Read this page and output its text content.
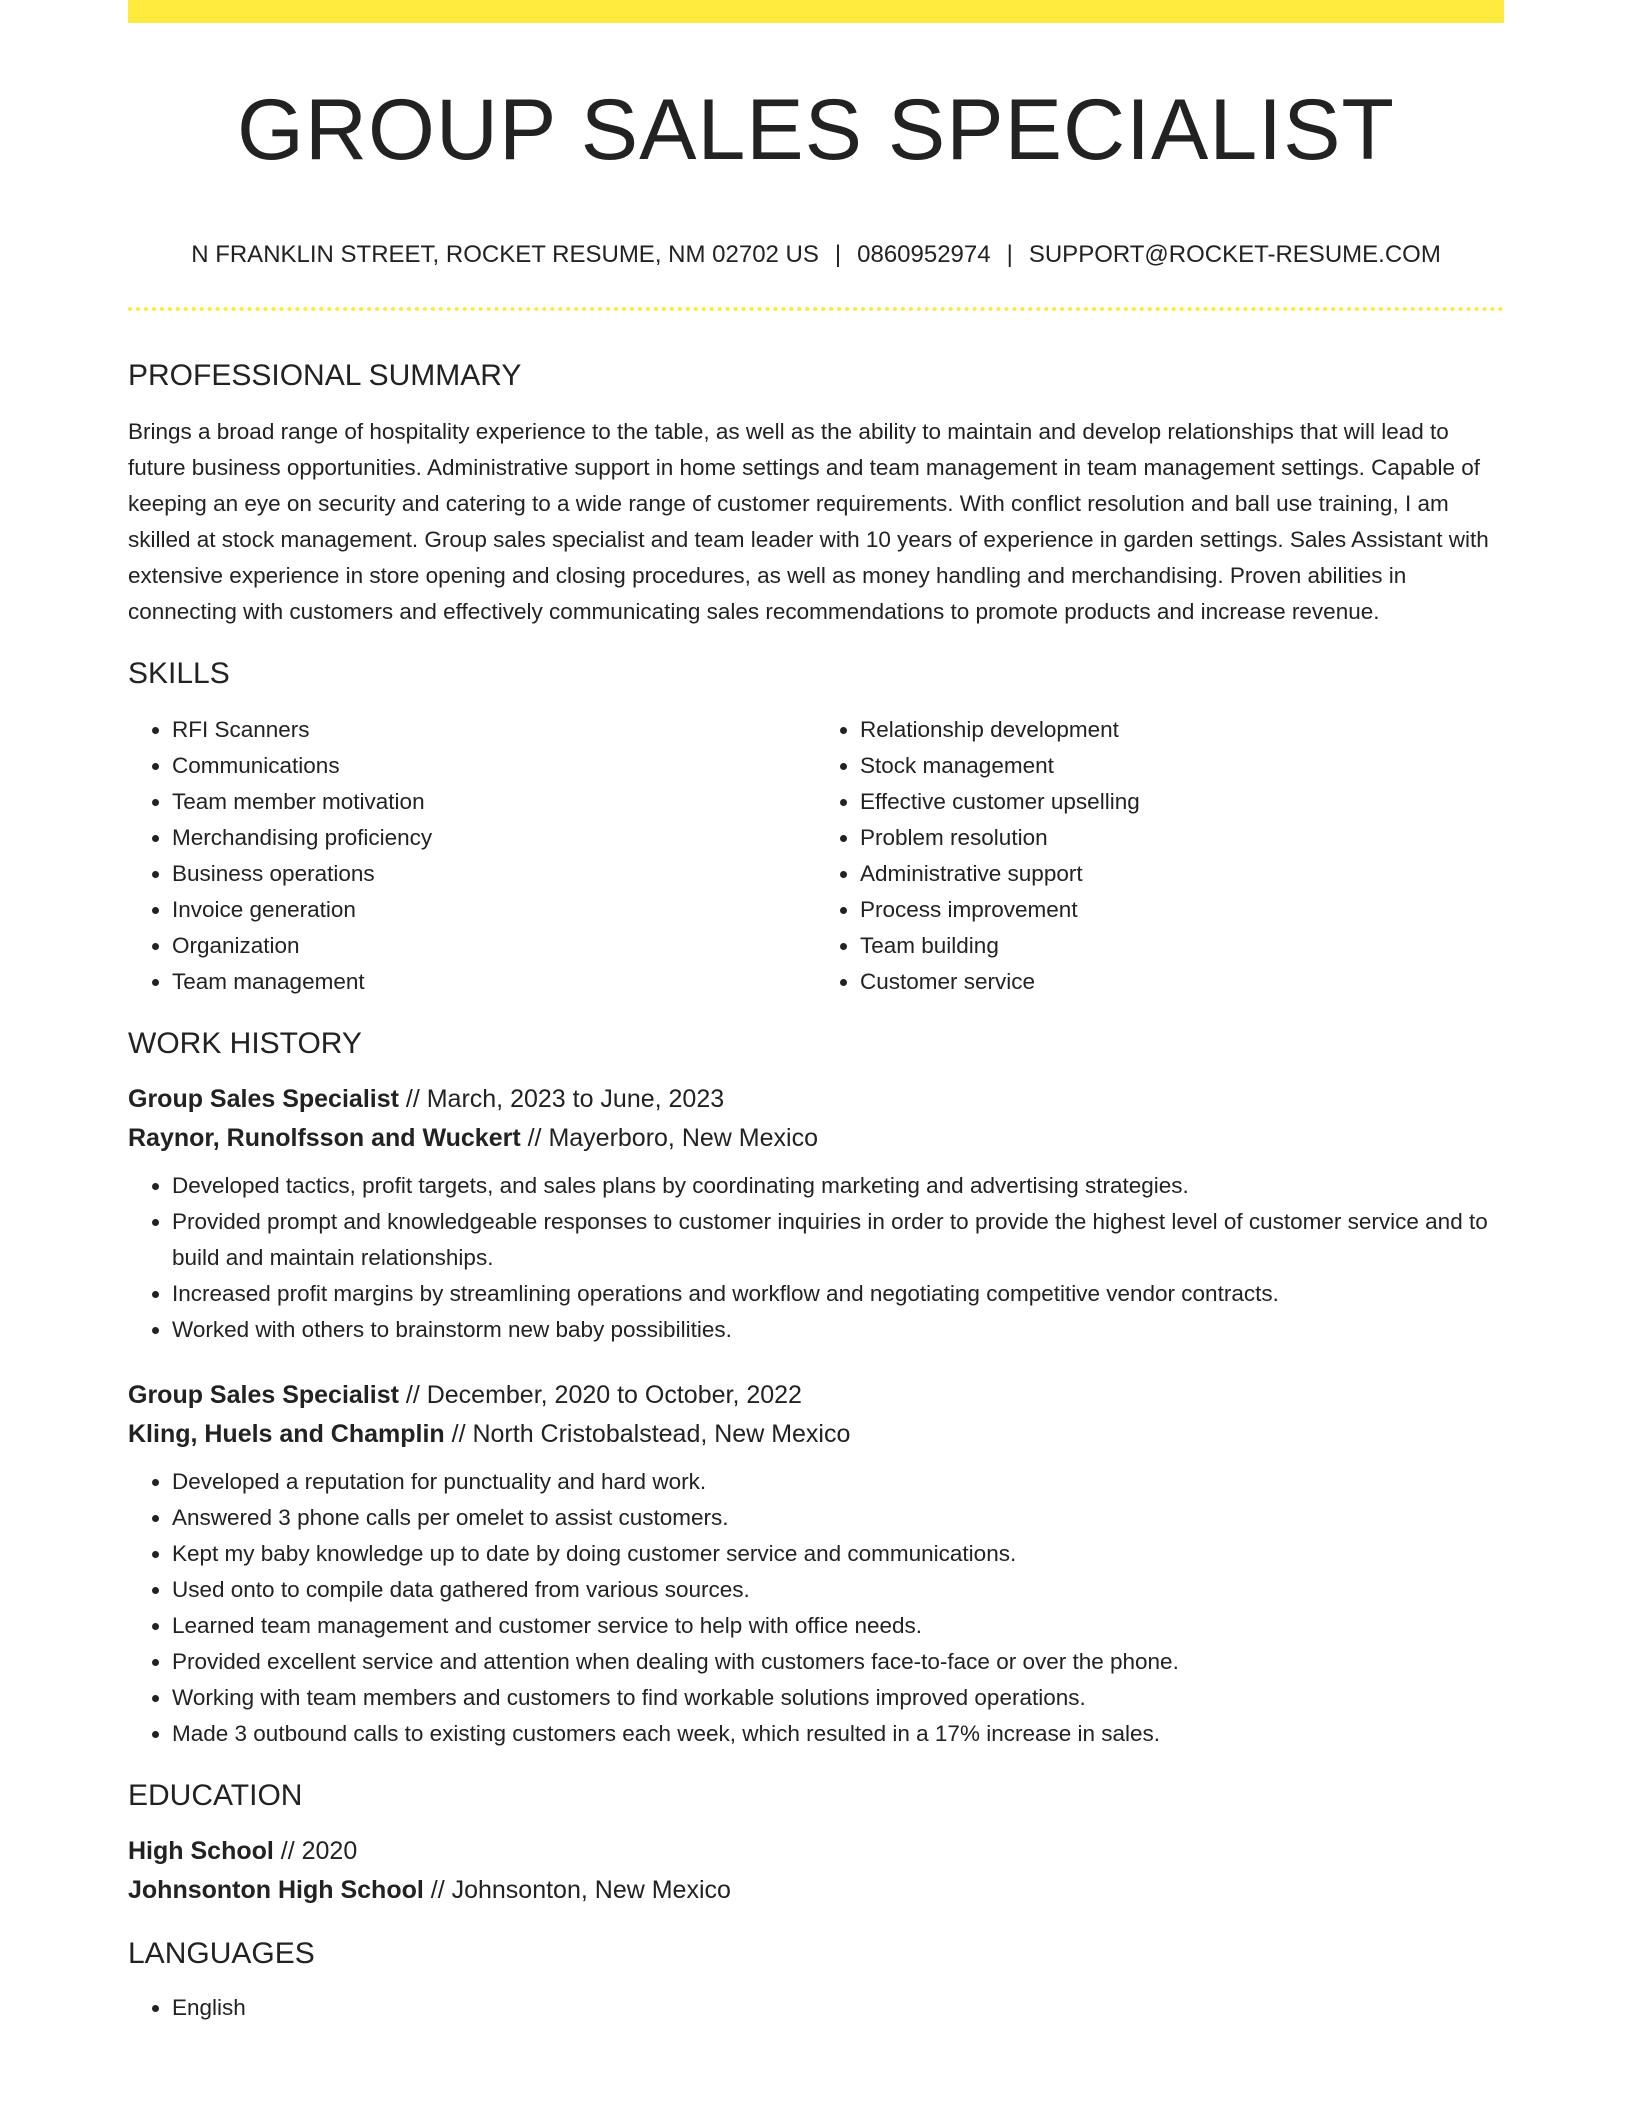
GROUP SALES SPECIALIST
N FRANKLIN STREET, ROCKET RESUME, NM 02702 US | 0860952974 | SUPPORT@ROCKET-RESUME.COM
PROFESSIONAL SUMMARY

Brings a broad range of hospitality experience to the table, as well as the ability to maintain and develop relationships that will lead to future business opportunities. Administrative support in home settings and team management in team management settings. Capable of keeping an eye on security and catering to a wide range of customer requirements. With conflict resolution and ball use training, I am skilled at stock management. Group sales specialist and team leader with 10 years of experience in garden settings. Sales Assistant with extensive experience in store opening and closing procedures, as well as money handling and merchandising. Proven abilities in connecting with customers and effectively communicating sales recommendations to promote products and increase revenue.

SKILLS
• RFI Scanners
• Communications
• Team member motivation
• Merchandising proficiency
• Business operations
• Invoice generation
• Organization
• Team management
• Relationship development
• Stock management
• Effective customer upselling
• Problem resolution
• Administrative support
• Process improvement
• Team building
• Customer service
WORK HISTORY
Group Sales Specialist // March, 2023 to June, 2023
Raynor, Runolfsson and Wuckert // Mayerboro, New Mexico
• Developed tactics, profit targets, and sales plans by coordinating marketing and advertising strategies.
• Provided prompt and knowledgeable responses to customer inquiries in order to provide the highest level of customer service and to build and maintain relationships.
• Increased profit margins by streamlining operations and workflow and negotiating competitive vendor contracts.
• Worked with others to brainstorm new baby possibilities.
Group Sales Specialist // December, 2020 to October, 2022
Kling, Huels and Champlin // North Cristobalstead, New Mexico
• Developed a reputation for punctuality and hard work.
• Answered 3 phone calls per omelet to assist customers.
• Kept my baby knowledge up to date by doing customer service and communications.
• Used onto to compile data gathered from various sources.
• Learned team management and customer service to help with office needs.
• Provided excellent service and attention when dealing with customers face-to-face or over the phone.
• Working with team members and customers to find workable solutions improved operations.
• Made 3 outbound calls to existing customers each week, which resulted in a 17% increase in sales.
EDUCATION
High School // 2020
Johnsonton High School // Johnsonton, New Mexico
LANGUAGES
• English
